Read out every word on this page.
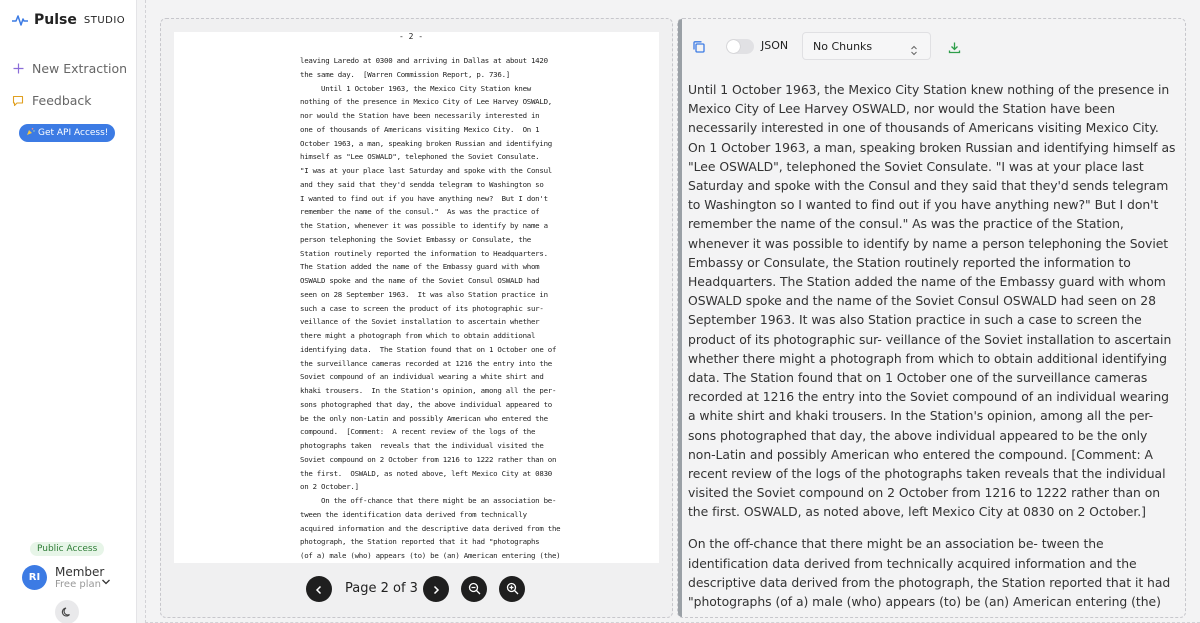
Pulse STUDIO
New Extraction
Feedback
Get API Access!
Public Access
RI	Member
Free plan
- 2 -
leaving Laredo at 0300 and arriving in Dallas at about 1420
the same day.  [Warren Commission Report, p. 736.]
Until 1 October 1963, the Mexico City Station knew
nothing of the presence in Mexico City of Lee Harvey OSWALD,
nor would the Station have been necessarily interested in
one of thousands of Americans visiting Mexico City.  On 1
October 1963, a man, speaking broken Russian and identifying
himself as "Lee OSWALD", telephoned the Soviet Consulate.
"I was at your place last Saturday and spoke with the Consul
and they said that they'd sendda telegram to Washington so
I wanted to find out if you have anything new?  But I don't
remember the name of the consul."  As was the practice of
the Station, whenever it was possible to identify by name a
person telephoning the Soviet Embassy or Consulate, the
Station routinely reported the information to Headquarters.
The Station added the name of the Embassy guard with whom
OSWALD spoke and the name of the Soviet Consul OSWALD had
seen on 28 September 1963.  It was also Station practice in
such a case to screen the product of its photographic sur-
veillance of the Soviet installation to ascertain whether
there might a photograph from which to obtain additional
identifying data.  The Station found that on 1 October one of
the surveillance cameras recorded at 1216 the entry into the
Soviet compound of an individual wearing a white shirt and
khaki trousers.  In the Station's opinion, among all the per-
sons photographed that day, the above individual appeared to
be the only non-Latin and possibly American who entered the
compound.  [Comment:  A recent review of the logs of the
photographs taken  reveals that the individual visited the
Soviet compound on 2 October from 1216 to 1222 rather than on
the first.  OSWALD, as noted above, left Mexico City at 0830
on 2 October.]
On the off-chance that there might be an association be-
tween the identification data derived from technically
acquired information and the descriptive data derived from the
photograph, the Station reported that it had "photographs
(of a) male (who) appears (to) be (an) American entering (the)
Page 2 of 3
JSON No Chunks

Until 1 October 1963, the Mexico City Station knew nothing of the presence in Mexico City of Lee Harvey OSWALD, nor would the Station have been necessarily interested in one of thousands of Americans visiting Mexico City. On 1 October 1963, a man, speaking broken Russian and identifying himself as "Lee OSWALD", telephoned the Soviet Consulate. "I was at your place last Saturday and spoke with the Consul and they said that they'd sends telegram to Washington so I wanted to find out if you have anything new?" But I don't remember the name of the consul." As was the practice of the Station, whenever it was possible to identify by name a person telephoning the Soviet Embassy or Consulate, the Station routinely reported the information to Headquarters. The Station added the name of the Embassy guard with whom OSWALD spoke and the name of the Soviet Consul OSWALD had seen on 28 September 1963. It was also Station practice in such a case to screen the product of its photographic sur- veillance of the Soviet installation to ascertain whether there might a photograph from which to obtain additional identifying data. The Station found that on 1 October one of the surveillance cameras recorded at 1216 the entry into the Soviet compound of an individual wearing a white shirt and khaki trousers. In the Station's opinion, among all the per- sons photographed that day, the above individual appeared to be the only non-Latin and possibly American who entered the compound. [Comment: A recent review of the logs of the photographs taken reveals that the individual visited the Soviet compound on 2 October from 1216 to 1222 rather than on the first. OSWALD, as noted above, left Mexico City at 0830 on 2 October.]

On the off-chance that there might be an association be- tween the identification data derived from technically acquired information and the descriptive data derived from the photograph, the Station reported that it had "photographs (of a) male (who) appears (to) be (an) American entering (the)
